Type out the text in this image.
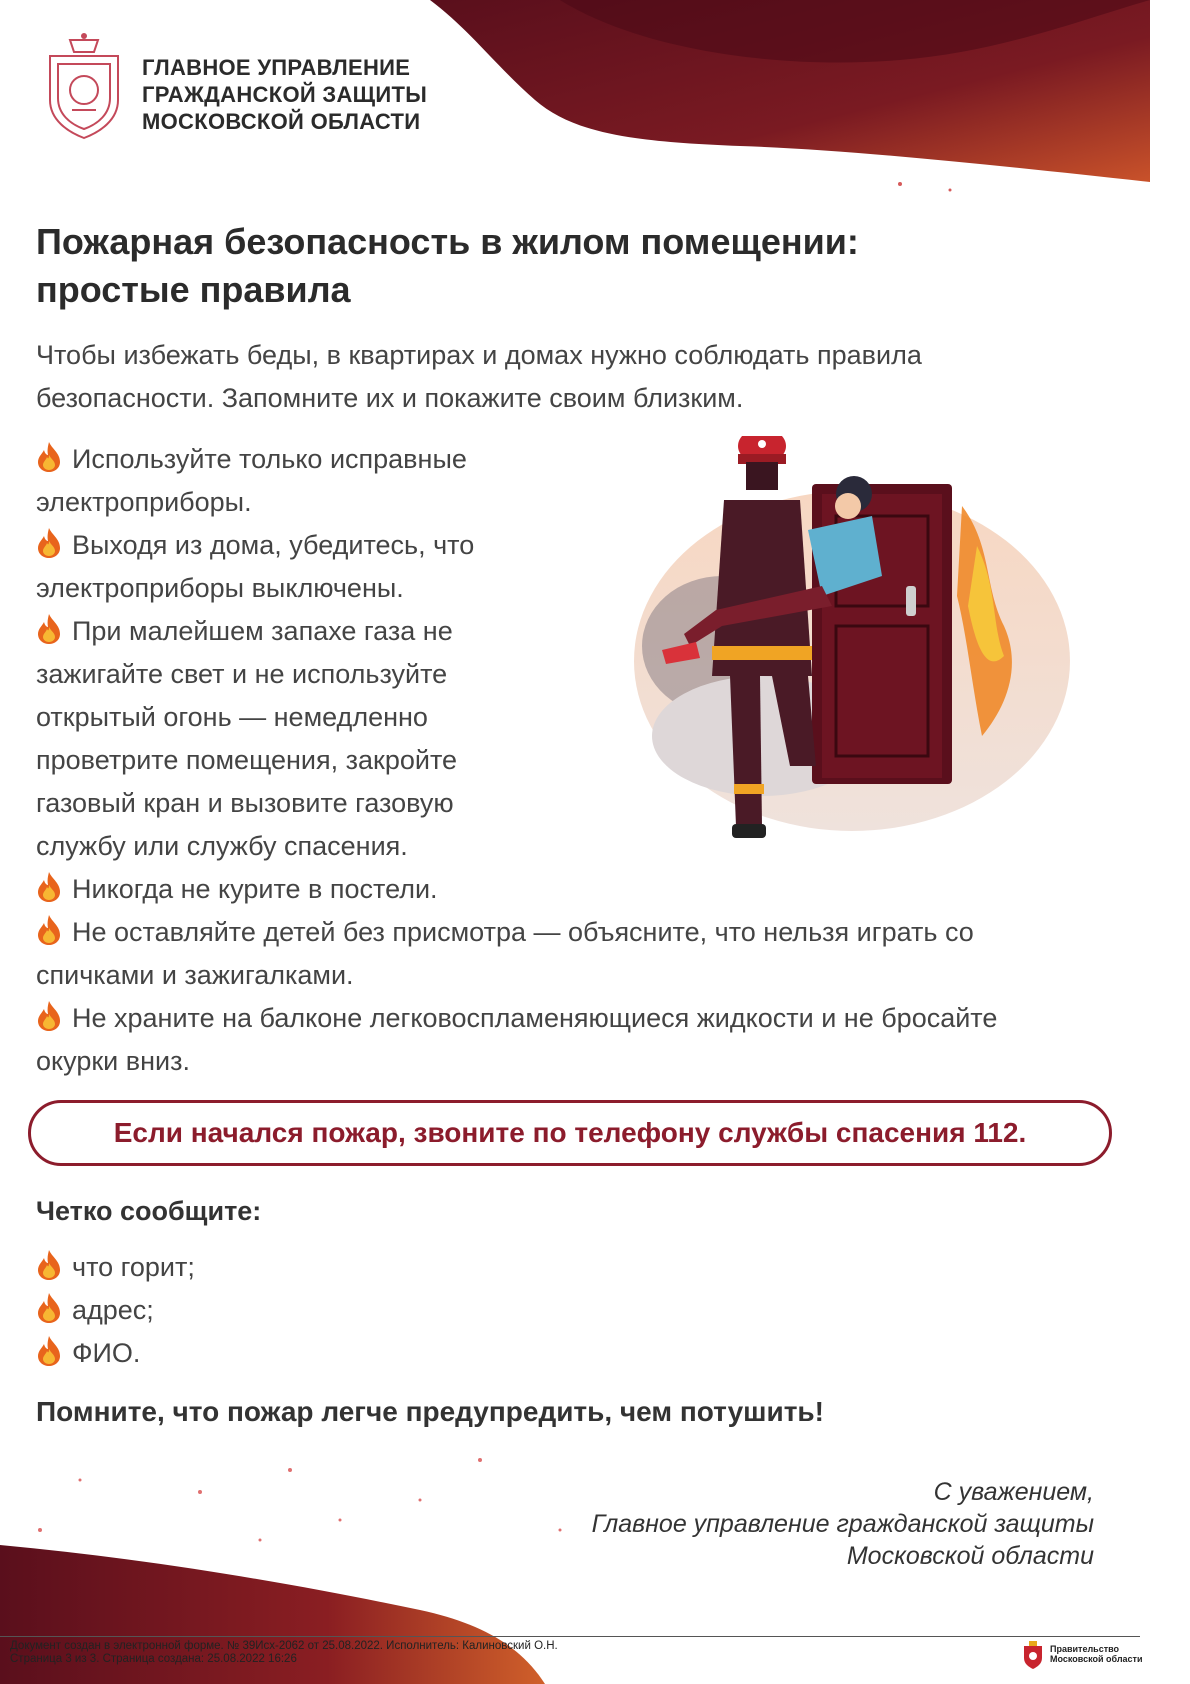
ГЛАВНОЕ УПРАВЛЕНИЕ
ГРАЖДАНСКОЙ ЗАЩИТЫ
МОСКОВСКОЙ ОБЛАСТИ
Пожарная безопасность в жилом помещении:
простые правила
Чтобы избежать беды, в квартирах и домах нужно соблюдать правила
безопасности. Запомните их и покажите своим близким.
Используйте только исправные
электроприборы.
Выходя из дома, убедитесь, что
электроприборы выключены.
При малейшем запахе газа не
зажигайте свет и не используйте
открытый огонь — немедленно
проветрите помещения, закройте
газовый кран и вызовите газовую
службу или службу спасения.
Никогда не курите в постели.
Не оставляйте детей без присмотра — объясните, что нельзя играть со
спичками и зажигалками.
Не храните на балконе легковоспламеняющиеся жидкости и не бросайте
окурки вниз.
Если начался пожар, звоните по телефону службы спасения 112.
Четко сообщите:
что горит;
адрес;
ФИО.
Помните, что пожар легче предупредить, чем потушить!
С уважением,
Главное управление гражданской защиты
Московской области
Документ создан в электронной форме. № 39Исх-2062 от 25.08.2022. Исполнитель: Калиновский О.Н.
Страница 3 из 3. Страница создана: 25.08.2022 16:26
Правительство
Московской области
